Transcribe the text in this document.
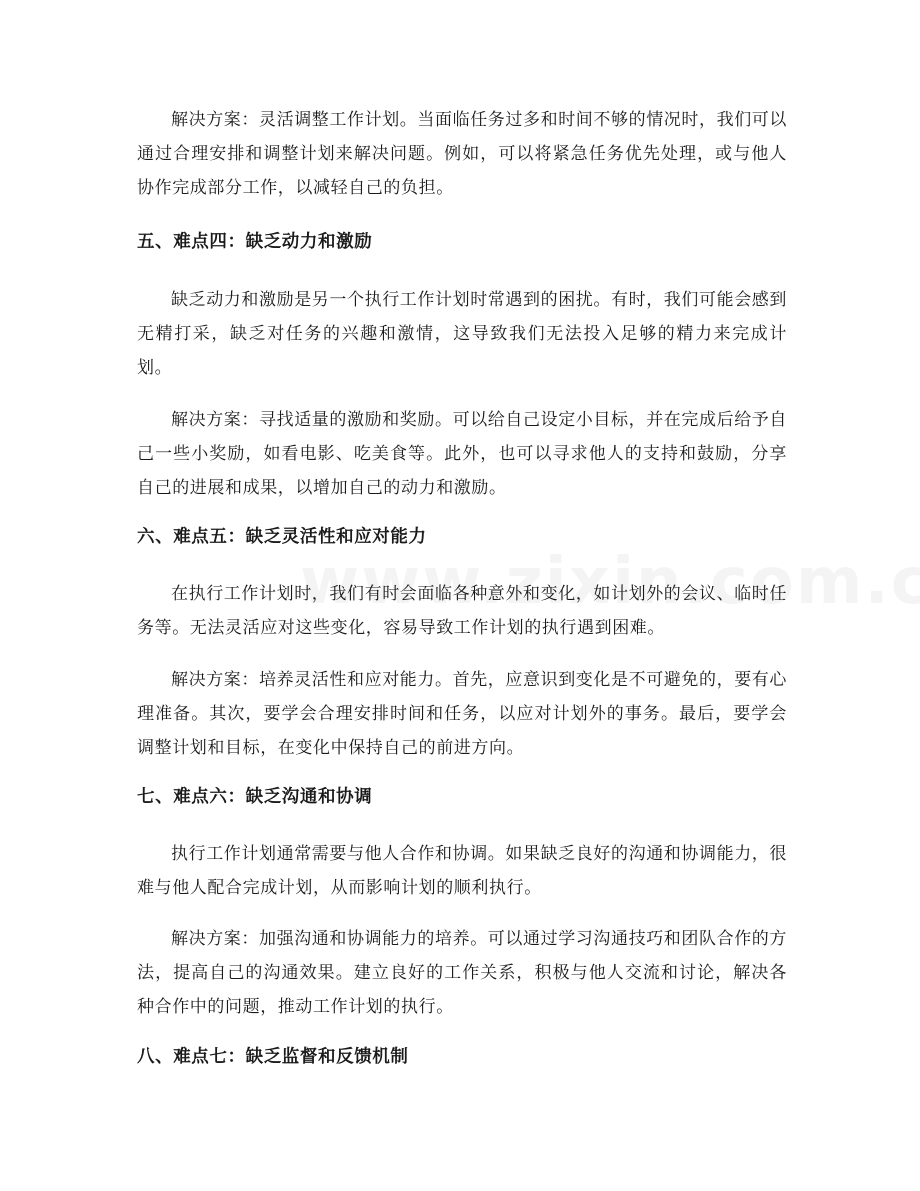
解决方案：灵活调整工作计划。当面临任务过多和时间不够的情况时，我们可以通过合理安排和调整计划来解决问题。例如，可以将紧急任务优先处理，或与他人协作完成部分工作，以减轻自己的负担。

五、难点四：缺乏动力和激励

缺乏动力和激励是另一个执行工作计划时常遇到的困扰。有时，我们可能会感到无精打采，缺乏对任务的兴趣和激情，这导致我们无法投入足够的精力来完成计划。

解决方案：寻找适量的激励和奖励。可以给自己设定小目标，并在完成后给予自己一些小奖励，如看电影、吃美食等。此外，也可以寻求他人的支持和鼓励，分享自己的进展和成果，以增加自己的动力和激励。

六、难点五：缺乏灵活性和应对能力

在执行工作计划时，我们有时会面临各种意外和变化，如计划外的会议、临时任务等。无法灵活应对这些变化，容易导致工作计划的执行遇到困难。

解决方案：培养灵活性和应对能力。首先，应意识到变化是不可避免的，要有心理准备。其次，要学会合理安排时间和任务，以应对计划外的事务。最后，要学会调整计划和目标，在变化中保持自己的前进方向。

七、难点六：缺乏沟通和协调

执行工作计划通常需要与他人合作和协调。如果缺乏良好的沟通和协调能力，很难与他人配合完成计划，从而影响计划的顺利执行。

解决方案：加强沟通和协调能力的培养。可以通过学习沟通技巧和团队合作的方法，提高自己的沟通效果。建立良好的工作关系，积极与他人交流和讨论，解决各种合作中的问题，推动工作计划的执行。

八、难点七：缺乏监督和反馈机制
